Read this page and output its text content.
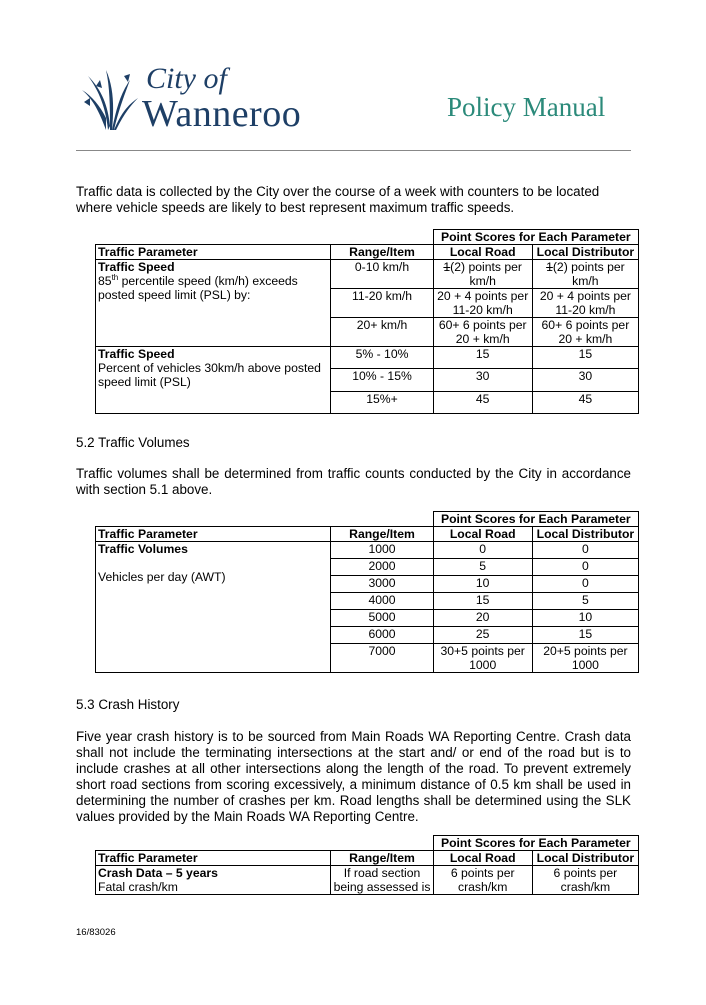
City of
Wanneroo	Policy Manual
Traffic data is collected by the City over the course of a week with counters to be located where vehicle speeds are likely to best represent maximum traffic speeds.
		Point Scores for Each Parameter	
Traffic Parameter	Range/Item	Local Road	Local Distributor
Traffic Speed
85th percentile speed (km/h) exceeds posted speed limit (PSL) by:	0-10 km/h	1(2) points per km/h	1(2) points per km/h
	11-20 km/h	20 + 4 points per 11-20 km/h	20 + 4 points per 11-20 km/h
	20+ km/h	60+ 6 points per 20 + km/h	60+ 6 points per 20 + km/h
Traffic Speed
Percent of vehicles 30km/h above posted speed limit (PSL)	5% - 10%	15	15
	10% - 15%	30	30
	15%+	45	45
5.2 Traffic Volumes
Traffic volumes shall be determined from traffic counts conducted by the City in accordance with section 5.1 above.
		Point Scores for Each Parameter	
Traffic Parameter	Range/Item	Local Road	Local Distributor
Traffic Volumes

Vehicles per day (AWT)	1000	0	0
	2000	5	0
	3000	10	0
	4000	15	5
	5000	20	10
	6000	25	15
	7000	30+5 points per 1000	20+5 points per 1000
5.3 Crash History
Five year crash history is to be sourced from Main Roads WA Reporting Centre. Crash data shall not include the terminating intersections at the start and/ or end of the road but is to include crashes at all other intersections along the length of the road. To prevent extremely short road sections from scoring excessively, a minimum distance of 0.5 km shall be used in determining the number of crashes per km. Road lengths shall be determined using the SLK values provided by the Main Roads WA Reporting Centre.
		Point Scores for Each Parameter	
Traffic Parameter	Range/Item	Local Road	Local Distributor
Crash Data – 5 years
Fatal crash/km	If road section being assessed is	6 points per crash/km	6 points per crash/km
16/83026
